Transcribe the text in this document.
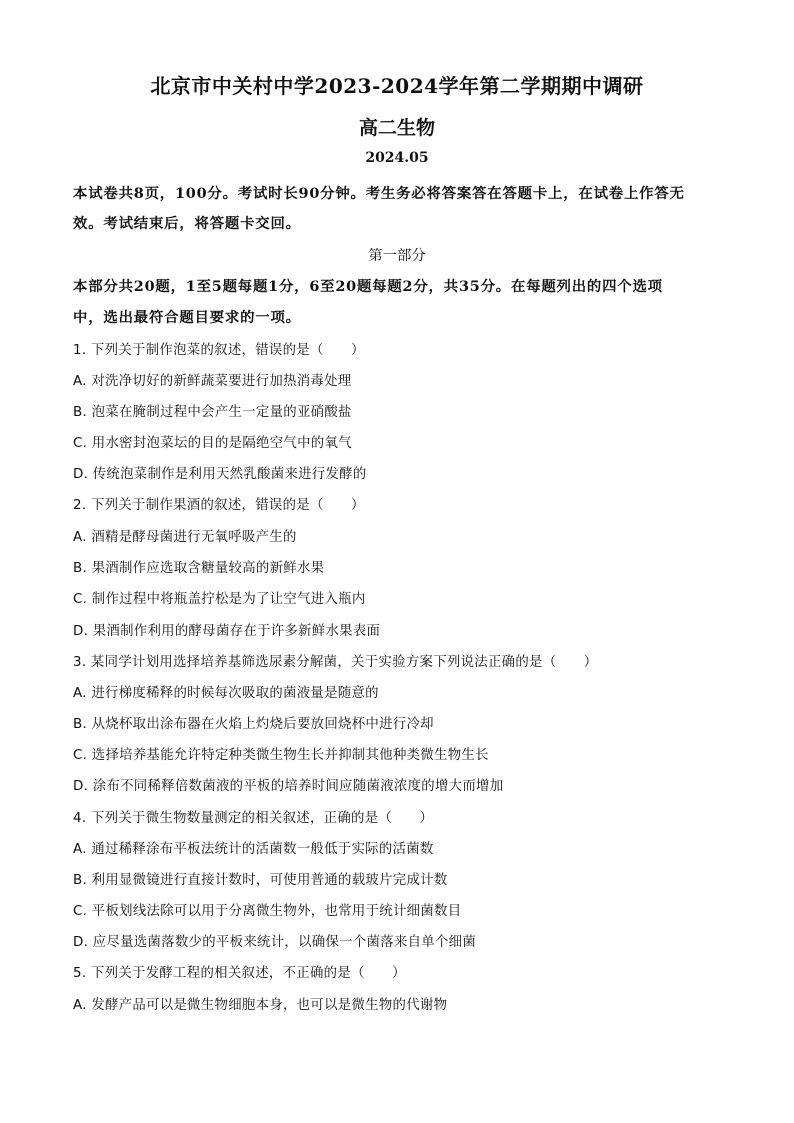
北京市中关村中学2023-2024学年第二学期期中调研
高二生物
2024.05
本试卷共8页，100分。考试时长90分钟。考生务必将答案答在答题卡上，在试卷上作答无
效。考试结束后，将答题卡交回。
第一部分
本部分共20题，1至5题每题1分，6至20题每题2分，共35分。在每题列出的四个选项
中，选出最符合题目要求的一项。
1. 下列关于制作泡菜的叙述，错误的是（　　）
A. 对洗净切好的新鲜蔬菜要进行加热消毒处理
B. 泡菜在腌制过程中会产生一定量的亚硝酸盐
C. 用水密封泡菜坛的目的是隔绝空气中的氧气
D. 传统泡菜制作是利用天然乳酸菌来进行发酵的
2. 下列关于制作果酒的叙述，错误的是（　　）
A. 酒精是酵母菌进行无氧呼吸产生的
B. 果酒制作应选取含糖量较高的新鲜水果
C. 制作过程中将瓶盖拧松是为了让空气进入瓶内
D. 果酒制作利用的酵母菌存在于许多新鲜水果表面
3. 某同学计划用选择培养基筛选尿素分解菌，关于实验方案下列说法正确的是（　　）
A. 进行梯度稀释的时候每次吸取的菌液量是随意的
B. 从烧杯取出涂布器在火焰上灼烧后要放回烧杯中进行冷却
C. 选择培养基能允许特定种类微生物生长并抑制其他种类微生物生长
D. 涂布不同稀释倍数菌液的平板的培养时间应随菌液浓度的增大而增加
4. 下列关于微生物数量测定的相关叙述，正确的是（　　）
A. 通过稀释涂布平板法统计的活菌数一般低于实际的活菌数
B. 利用显微镜进行直接计数时，可使用普通的载玻片完成计数
C. 平板划线法除可以用于分离微生物外，也常用于统计细菌数目
D. 应尽量选菌落数少的平板来统计，以确保一个菌落来自单个细菌
5. 下列关于发酵工程的相关叙述，不正确的是（　　）
A. 发酵产品可以是微生物细胞本身，也可以是微生物的代谢物
